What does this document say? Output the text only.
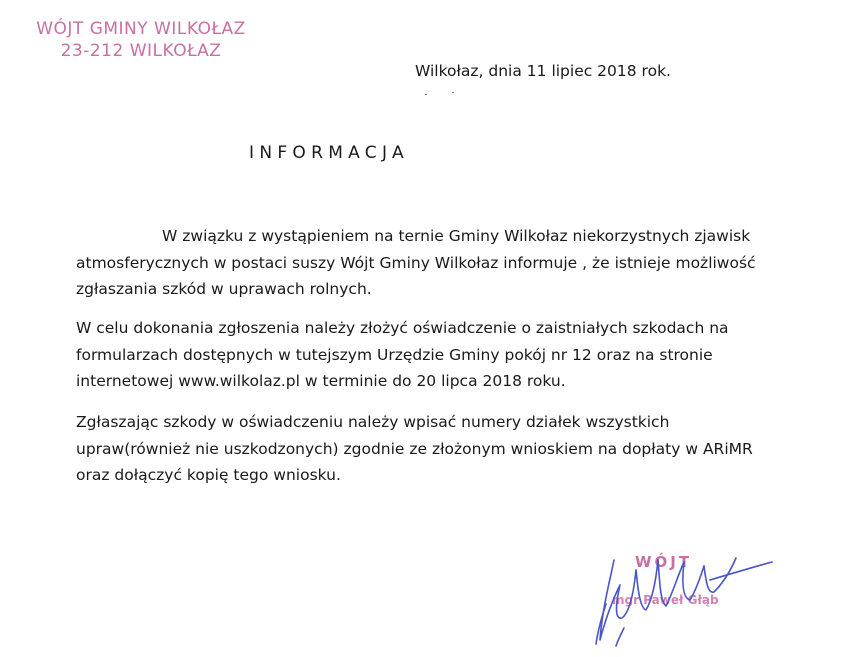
WÓJT GMINY WILKOŁAZ
23-212 WILKOŁAZ
Wilkołaz, dnia 11 lipiec 2018 rok.
INFORMACJA

W związku z wystąpieniem na ternie Gminy Wilkołaz niekorzystnych zjawisk atmosferycznych w postaci suszy Wójt Gminy Wilkołaz informuje , że istnieje możliwość zgłaszania szkód w uprawach rolnych.

W celu dokonania zgłoszenia należy złożyć oświadczenie o zaistniałych szkodach na formularzach dostępnych w tutejszym Urzędzie Gminy pokój nr 12 oraz na stronie internetowej www.wilkolaz.pl w terminie do 20 lipca 2018 roku.

Zgłaszając szkody w oświadczeniu należy wpisać numery działek wszystkich upraw(również nie uszkodzonych) zgodnie ze złożonym wnioskiem na dopłaty w ARiMR oraz dołączyć kopię tego wniosku.

WÓJT
mgr Paweł Głąb
